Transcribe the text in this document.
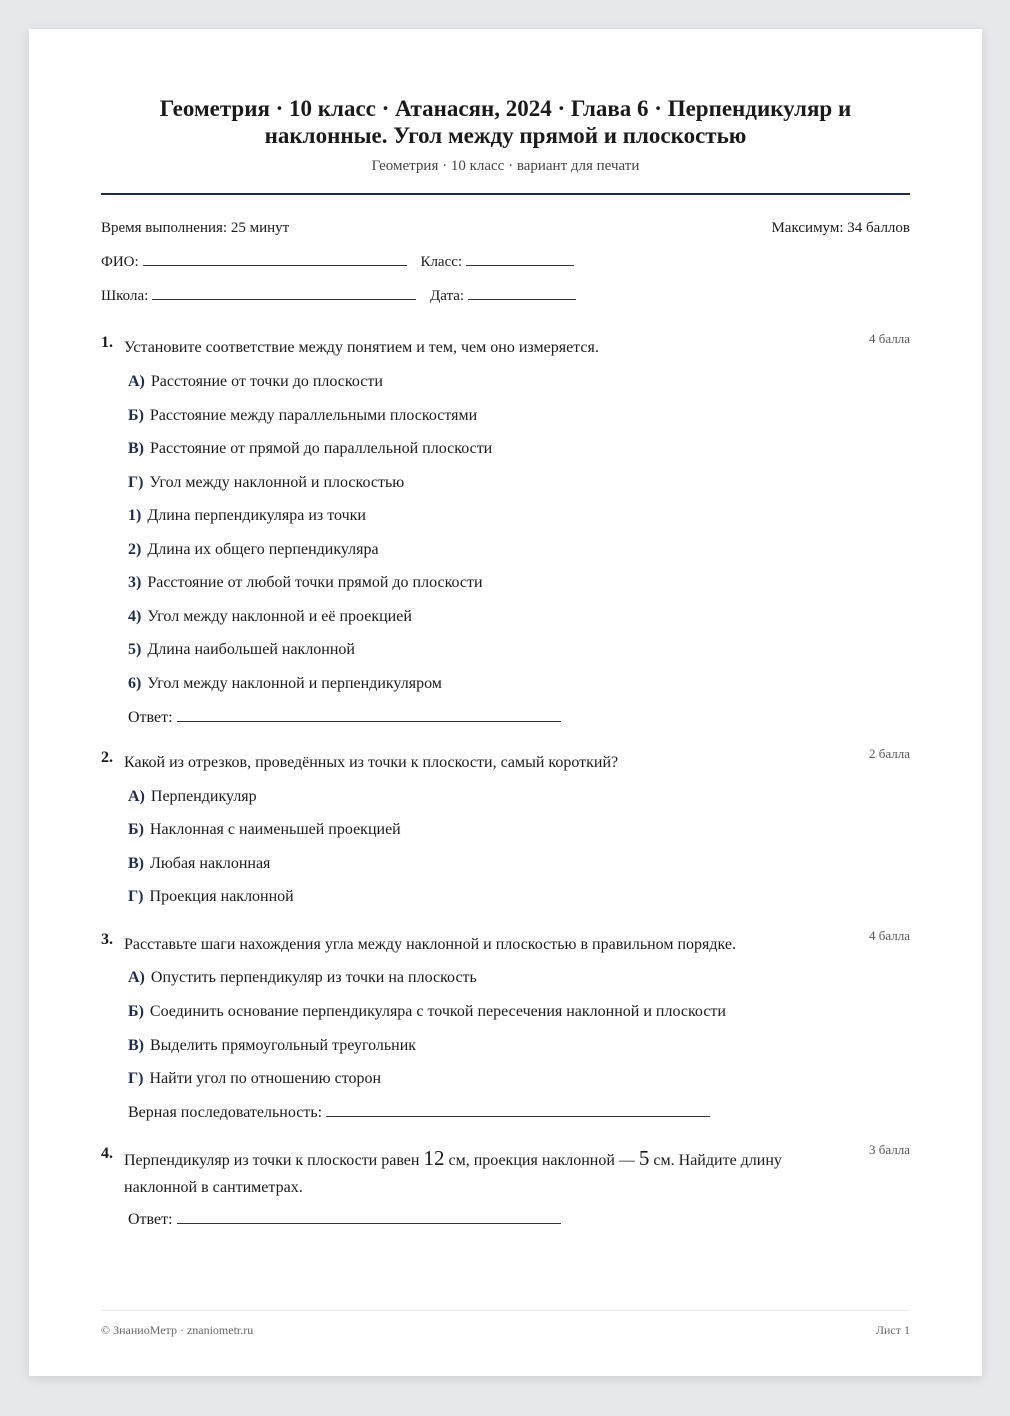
Геометрия · 10 класс · Атанасян, 2024 · Глава 6 · Перпендикуляр и наклонные. Угол между прямой и плоскостью
Геометрия · 10 класс · вариант для печати
Время выполнения: 25 минут	Максимум: 34 баллов
ФИО:	Класс:
Школа:	Дата:
1. Установите соответствие между понятием и тем, чем оно измеряется.
4 балла
А) Расстояние от точки до плоскости
Б) Расстояние между параллельными плоскостями
В) Расстояние от прямой до параллельной плоскости
Г) Угол между наклонной и плоскостью
1) Длина перпендикуляра из точки
2) Длина их общего перпендикуляра
3) Расстояние от любой точки прямой до плоскости
4) Угол между наклонной и её проекцией
5) Длина наибольшей наклонной
6) Угол между наклонной и перпендикуляром
Ответ:
2. Какой из отрезков, проведённых из точки к плоскости, самый короткий?
2 балла
А) Перпендикуляр
Б) Наклонная с наименьшей проекцией
В) Любая наклонная
Г) Проекция наклонной
3. Расставьте шаги нахождения угла между наклонной и плоскостью в правильном порядке.
4 балла
А) Опустить перпендикуляр из точки на плоскость
Б) Соединить основание перпендикуляра с точкой пересечения наклонной и плоскости
В) Выделить прямоугольный треугольник
Г) Найти угол по отношению сторон
Верная последовательность:
4. Перпендикуляр из точки к плоскости равен 12 см, проекция наклонной — 5 см. Найдите длину наклонной в сантиметрах.
3 балла
Ответ:
© ЗнаниоМетр · znaniometr.ru	Лист 1
